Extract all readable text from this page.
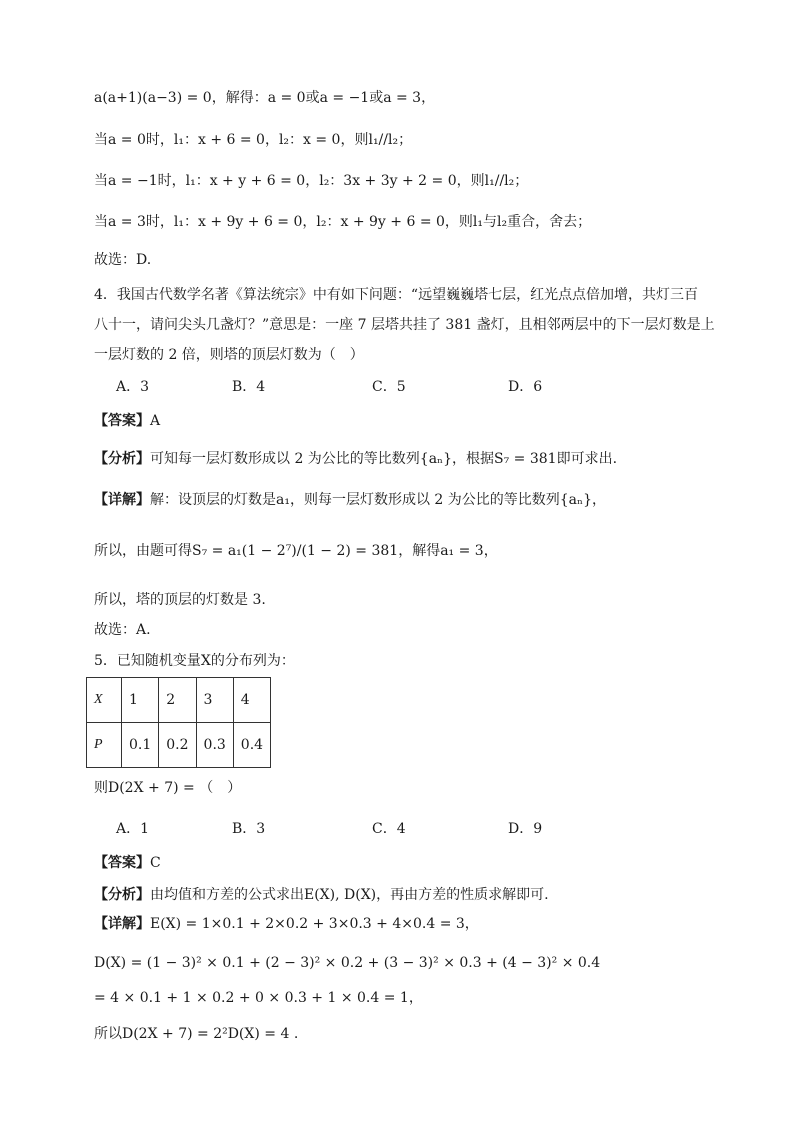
a(a+1)(a−3) = 0，解得：a = 0或a = −1或a = 3，
当a = 0时，l₁：x + 6 = 0，l₂：x = 0，则l₁//l₂；
当a = −1时，l₁：x + y + 6 = 0，l₂：3x + 3y + 2 = 0，则l₁//l₂；
当a = 3时，l₁：x + 9y + 6 = 0，l₂：x + 9y + 6 = 0，则l₁与l₂重合，舍去；
故选：D.
4．我国古代数学名著《算法统宗》中有如下问题：“远望巍巍塔七层，红光点点倍加增，共灯三百
八十一，请问尖头几盏灯？”意思是：一座 7 层塔共挂了 381 盏灯，且相邻两层中的下一层灯数是上
一层灯数的 2 倍，则塔的顶层灯数为（　）
A．3	B．4	C．5	D．6
【答案】A
【分析】可知每一层灯数形成以 2 为公比的等比数列{aₙ}，根据S₇ = 381即可求出.
【详解】解：设顶层的灯数是a₁，则每一层灯数形成以 2 为公比的等比数列{aₙ}，
所以，由题可得S₇ = a₁(1 − 2⁷)/(1 − 2) = 381，解得a₁ = 3，
所以，塔的顶层的灯数是 3.
故选：A.
5．已知随机变量X的分布列为：
X	1	2	3	4
P	0.1	0.2	0.3	0.4
则D(2X + 7) = （　）
A．1	B．3	C．4	D．9
【答案】C
【分析】由均值和方差的公式求出E(X), D(X)，再由方差的性质求解即可.
【详解】E(X) = 1×0.1 + 2×0.2 + 3×0.3 + 4×0.4 = 3，
D(X) = (1 − 3)² × 0.1 + (2 − 3)² × 0.2 + (3 − 3)² × 0.3 + (4 − 3)² × 0.4
= 4 × 0.1 + 1 × 0.2 + 0 × 0.3 + 1 × 0.4 = 1，
所以D(2X + 7) = 2²D(X) = 4 .
